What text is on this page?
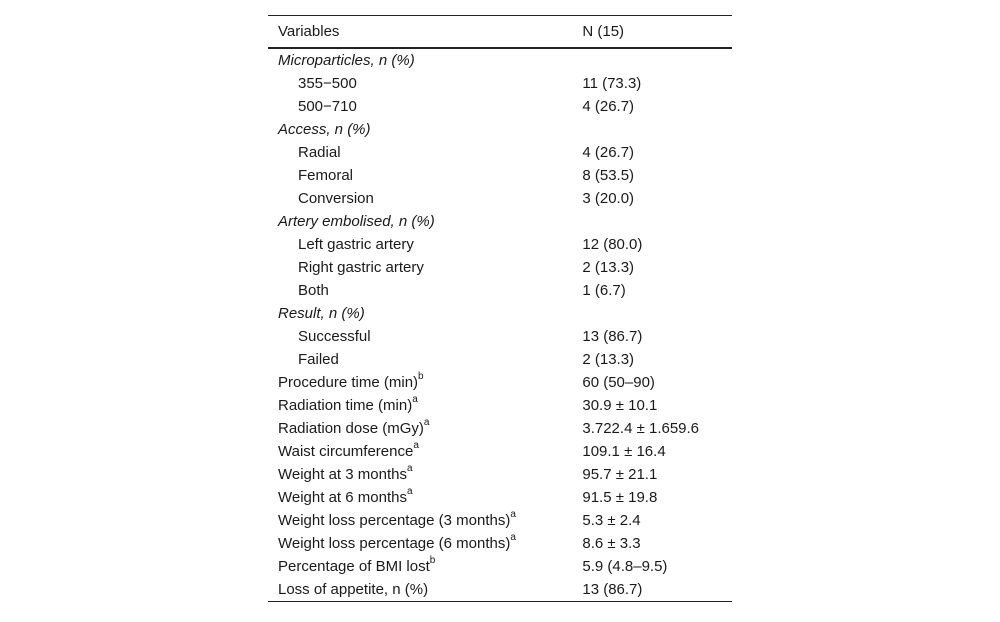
Variables	N (15)
Microparticles, n (%)	
355−500	11 (73.3)
500−710	4 (26.7)
Access, n (%)	
Radial	4 (26.7)
Femoral	8 (53.5)
Conversion	3 (20.0)
Artery embolised, n (%)	
Left gastric artery	12 (80.0)
Right gastric artery	2 (13.3)
Both	1 (6.7)
Result, n (%)	
Successful	13 (86.7)
Failed	2 (13.3)
Procedure time $(\min)^b$	60 (50–90)
Radiation time $(\min)^a$	30.9 ± 10.1
Radiation dose (mGy)$^a$	3.722.4 ± 1.659.6
Waist circumference$^a$	109.1 ± 16.4
Weight at 3 months$^a$	95.7 ± 21.1
Weight at 6 months$^a$	91.5 ± 19.8
Weight loss percentage (3 months)$^a$	5.3 ± 2.4
Weight loss percentage (6 months)$^a$	8.6 ± 3.3
Percentage of BMI lost$^b$	5.9 (4.8–9.5)
Loss of appetite, n (%)	13 (86.7)
